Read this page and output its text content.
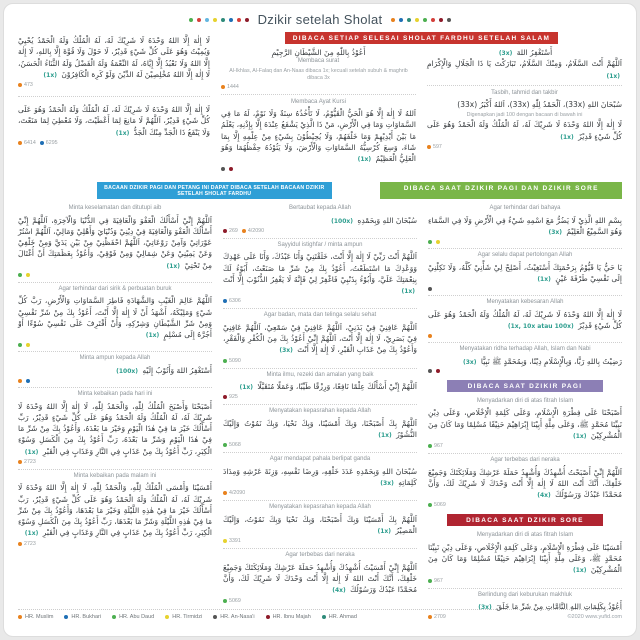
Dzikir setelah Sholat
لَا إِلٰهَ إِلَّا اللهُ وَحْدَهُ لَا شَرِيْكَ لَهُ، لَهُ الْمُلْكُ وَلَهُ الْحَمْدُ يُحْيِيْ وَيُمِيْتُ وَهُوَ عَلَى كُلِّ شَيْءٍ قَدِيْرٌ، لَا حَوْلَ وَلَا قُوَّةَ إِلَّا بِاللهِ، لَا إِلٰهَ إِلَّا اللهُ وَلَا نَعْبُدُ إِلَّا إِيَّاهُ، لَهُ النِّعْمَةُ وَلَهُ الْفَضْلُ وَلَهُ الثَّنَاءُ الْحَسَنُ، لَا إِلٰهَ إِلَّا اللهُ مُخْلِصِيْنَ لَهُ الدِّيْنَ وَلَوْ كَرِهَ الْكَافِرُوْنَ (1x)
473
لَا إِلٰهَ إِلَّا اللهُ وَحْدَهُ لَا شَرِيْكَ لَهُ، لَهُ الْمُلْكُ وَلَهُ الْحَمْدُ وَهُوَ عَلَى كُلِّ شَيْءٍ قَدِيْرٌ، اَللَّهُمَّ لَا مَانِعَ لِمَا أَعْطَيْتَ، وَلَا مُعْطِيَ لِمَا مَنَعْتَ، وَلَا يَنْفَعُ ذَا الْجَدِّ مِنْكَ الْجَدُّ (1x)
6414 6295
DIBACA SETIAP SELESAI SHOLAT FARDHU SETELAH SALAM
أَعُوْذُ بِاللّٰهِ مِنَ الشَّيْطَانِ الرَّجِيْمِ
Membaca surat
Al-Ikhlas, Al-Falaq dan An-Naas dibaca 1x; kecuali setelah subuh & maghrib dibaca 3x
1444
Membaca Ayat Kursi
اَللهُ لَا إِلٰهَ إِلَّا هُوَ الْحَيُّ الْقَيُّوْمُ، لَا تَأْخُذُهُ سِنَةٌ وَلَا نَوْمٌ، لَهُ مَا فِي السَّمَاوَاتِ وَمَا فِي الْأَرْضِ، مَنْ ذَا الَّذِيْ يَشْفَعُ عِنْدَهُ إِلَّا بِإِذْنِهِ، يَعْلَمُ مَا بَيْنَ أَيْدِيْهِمْ وَمَا خَلْفَهُمْ، وَلَا يُحِيْطُوْنَ بِشَيْءٍ مِنْ عِلْمِهِ إِلَّا بِمَا شَاءَ، وَسِعَ كُرْسِيُّهُ السَّمَاوَاتِ وَالْأَرْضَ، وَلَا يَئُوْدُهُ حِفْظُهُمَا وَهُوَ الْعَلِيُّ الْعَظِيْمُ (1x)
أَسْتَغْفِرُ اللهَ (3x)
اَللَّهُمَّ أَنْتَ السَّلَامُ، وَمِنْكَ السَّلَامُ، تَبَارَكْتَ يَا ذَا الْجَلَالِ وَالْإِكْرَامِ (1x)
Tasbih, tahmid dan takbir
سُبْحَانَ اللهِ (33x)، اَلْحَمْدُ لِلّٰهِ (33x)، اَللهُ أَكْبَرُ (33x)
Digenapkan jadi 100 dengan bacaan di bawah ini
لَا إِلٰهَ إِلَّا اللهُ وَحْدَهُ لَا شَرِيْكَ لَهُ، لَهُ الْمُلْكُ وَلَهُ الْحَمْدُ وَهُوَ عَلَى كُلِّ شَيْءٍ قَدِيْرٌ (1x)
597
BACAAN DZIKIR PAGI DAN PETANG INI DAPAT DIBACA SETELAH BACAAN DZIKIR SETELAH SHOLAT FARDHU
DIBACA SAAT DZIKIR PAGI DAN DZIKIR SORE
Minta keselamatan dan ditutupi aib
اَللَّهُمَّ إِنِّيْ أَسْأَلُكَ الْعَفْوَ وَالْعَافِيَةَ فِي الدُّنْيَا وَالْآخِرَةِ، اَللَّهُمَّ إِنِّيْ أَسْأَلُكَ الْعَفْوَ وَالْعَافِيَةَ فِيْ دِيْنِيْ وَدُنْيَايَ وَأَهْلِيْ وَمَالِيْ، اَللَّهُمَّ اسْتُرْ عَوْرَاتِيْ وَآمِنْ رَوْعَاتِيْ، اَللَّهُمَّ احْفَظْنِيْ مِنْ بَيْنِ يَدَيَّ وَمِنْ خَلْفِيْ وَعَنْ يَمِيْنِيْ وَعَنْ شِمَالِيْ وَمِنْ فَوْقِيْ، وَأَعُوْذُ بِعَظَمَتِكَ أَنْ أُغْتَالَ مِنْ تَحْتِيْ (1x)
Agar terhindar dari sirik & perbuatan buruk
اَللَّهُمَّ عَالِمَ الْغَيْبِ وَالشَّهَادَةِ فَاطِرَ السَّمَاوَاتِ وَالْأَرْضِ، رَبَّ كُلِّ شَيْءٍ وَمَلِيْكَهُ، أَشْهَدُ أَنْ لَا إِلٰهَ إِلَّا أَنْتَ، أَعُوْذُ بِكَ مِنْ شَرِّ نَفْسِيْ وَمِنْ شَرِّ الشَّيْطَانِ وَشِرْكِهِ، وَأَنْ أَقْتَرِفَ عَلَى نَفْسِيْ سُوْءًا أَوْ أَجُرَّهُ إِلَى مُسْلِمٍ (1x)
Minta ampun kepada Allah
أَسْتَغْفِرُ اللهَ وَأَتُوْبُ إِلَيْهِ (100x)
Minta kebaikan pada hari ini
أَصْبَحْنَا وَأَصْبَحَ الْمُلْكُ لِلّٰهِ، وَالْحَمْدُ لِلّٰهِ، لَا إِلٰهَ إِلَّا اللهُ وَحْدَهُ لَا شَرِيْكَ لَهُ، لَهُ الْمُلْكُ وَلَهُ الْحَمْدُ وَهُوَ عَلَى كُلِّ شَيْءٍ قَدِيْرٌ، رَبِّ أَسْأَلُكَ خَيْرَ مَا فِيْ هٰذَا الْيَوْمِ وَخَيْرَ مَا بَعْدَهُ، وَأَعُوْذُ بِكَ مِنْ شَرِّ مَا فِيْ هٰذَا الْيَوْمِ وَشَرِّ مَا بَعْدَهُ، رَبِّ أَعُوْذُ بِكَ مِنَ الْكَسَلِ وَسُوْءِ الْكِبَرِ، رَبِّ أَعُوْذُ بِكَ مِنْ عَذَابٍ فِي النَّارِ وَعَذَابٍ فِي الْقَبْرِ (1x)
2723
Minta kebaikan pada malam ini
أَمْسَيْنَا وَأَمْسَى الْمُلْكُ لِلّٰهِ، وَالْحَمْدُ لِلّٰهِ، لَا إِلٰهَ إِلَّا اللهُ وَحْدَهُ لَا شَرِيْكَ لَهُ، لَهُ الْمُلْكُ وَلَهُ الْحَمْدُ وَهُوَ عَلَى كُلِّ شَيْءٍ قَدِيْرٌ، رَبِّ أَسْأَلُكَ خَيْرَ مَا فِيْ هٰذِهِ اللَّيْلَةِ وَخَيْرَ مَا بَعْدَهَا، وَأَعُوْذُ بِكَ مِنْ شَرِّ مَا فِيْ هٰذِهِ اللَّيْلَةِ وَشَرِّ مَا بَعْدَهَا، رَبِّ أَعُوْذُ بِكَ مِنَ الْكَسَلِ وَسُوْءِ الْكِبَرِ، رَبِّ أَعُوْذُ بِكَ مِنْ عَذَابٍ فِي النَّارِ وَعَذَابٍ فِي الْقَبْرِ (1x)
2723
Bertaubat kepada Allah
سُبْحَانَ اللهِ وَبِحَمْدِهِ (100x)
269 4/2090
Sayyidul istighfar / minta ampun
اَللَّهُمَّ أَنْتَ رَبِّيْ لَا إِلٰهَ إِلَّا أَنْتَ، خَلَقْتَنِيْ وَأَنَا عَبْدُكَ، وَأَنَا عَلَى عَهْدِكَ وَوَعْدِكَ مَا اسْتَطَعْتُ، أَعُوْذُ بِكَ مِنْ شَرِّ مَا صَنَعْتُ، أَبُوْءُ لَكَ بِنِعْمَتِكَ عَلَيَّ، وَأَبُوْءُ بِذَنْبِيْ فَاغْفِرْ لِيْ فَإِنَّهُ لَا يَغْفِرُ الذُّنُوْبَ إِلَّا أَنْتَ (1x)
6306
Agar badan, mata dan telinga selalu sehat
اَللَّهُمَّ عَافِنِيْ فِيْ بَدَنِيْ، اَللَّهُمَّ عَافِنِيْ فِيْ سَمْعِيْ، اَللَّهُمَّ عَافِنِيْ فِيْ بَصَرِيْ، لَا إِلٰهَ إِلَّا أَنْتَ، اَللَّهُمَّ إِنِّيْ أَعُوْذُ بِكَ مِنَ الْكُفْرِ وَالْفَقْرِ، وَأَعُوْذُ بِكَ مِنْ عَذَابِ الْقَبْرِ، لَا إِلٰهَ إِلَّا أَنْتَ (3x)
5090
Minta ilmu, rezeki dan amalan yang baik
اَللَّهُمَّ إِنِّيْ أَسْأَلُكَ عِلْمًا نَافِعًا، وَرِزْقًا طَيِّبًا، وَعَمَلًا مُتَقَبَّلًا (1x)
925
Menyatakan kepasrahan kepada Allah
اَللَّهُمَّ بِكَ أَصْبَحْنَا، وَبِكَ أَمْسَيْنَا، وَبِكَ نَحْيَا، وَبِكَ نَمُوْتُ وَإِلَيْكَ النُّشُوْرُ (1x)
5068
Agar mendapat pahala berlipat ganda
سُبْحَانَ اللهِ وَبِحَمْدِهِ عَدَدَ خَلْقِهِ، وَرِضَا نَفْسِهِ، وَزِنَةَ عَرْشِهِ وَمِدَادَ كَلِمَاتِهِ (3x)
4/2090
Menyatakan kepasrahan kepada Allah
اَللَّهُمَّ بِكَ أَمْسَيْنَا وَبِكَ أَصْبَحْنَا، وَبِكَ نَحْيَا وَبِكَ نَمُوْتُ، وَإِلَيْكَ الْمَصِيْرُ (1x)
3391
Agar terbebas dari neraka
اَللَّهُمَّ إِنِّيْ أَمْسَيْتُ أُشْهِدُكَ وَأُشْهِدُ حَمَلَةَ عَرْشِكَ وَمَلَائِكَتَكَ وَجَمِيْعَ خَلْقِكَ، أَنَّكَ أَنْتَ اللهُ لَا إِلٰهَ إِلَّا أَنْتَ وَحْدَكَ لَا شَرِيْكَ لَكَ، وَأَنَّ مُحَمَّدًا عَبْدُكَ وَرَسُوْلُكَ (4x)
5069
Agar terhindar dari bahaya
بِسْمِ اللهِ الَّذِيْ لَا يَضُرُّ مَعَ اسْمِهِ شَيْءٌ فِي الْأَرْضِ وَلَا فِي السَّمَاءِ وَهُوَ السَّمِيْعُ الْعَلِيْمُ (3x)
Agar selalu dapat pertolongan Allah
يَا حَيُّ يَا قَيُّوْمُ بِرَحْمَتِكَ أَسْتَغِيْثُ، أَصْلِحْ لِيْ شَأْنِيْ كُلَّهُ، وَلَا تَكِلْنِيْ إِلَى نَفْسِيْ طَرْفَةَ عَيْنٍ (1x)
Menyatakan kebesaran Allah
لَا إِلٰهَ إِلَّا اللهُ وَحْدَهُ لَا شَرِيْكَ لَهُ، لَهُ الْمُلْكُ وَلَهُ الْحَمْدُ وَهُوَ عَلَى كُلِّ شَيْءٍ قَدِيْرٌ (1x, 10x atau 100x)
Menyatakan ridha terhadap Allah, Islam dan Nabi
رَضِيْتُ بِاللهِ رَبًّا، وَبِالْإِسْلَامِ دِيْنًا، وَبِمُحَمَّدٍ ﷺ نَبِيًّا (3x)
DIBACA SAAT DZIKIR PAGI
Menyadarkan diri di atas fitrah Islam
أَصْبَحْنَا عَلَى فِطْرَةِ الْإِسْلَامِ، وَعَلَى كَلِمَةِ الْإِخْلَاصِ، وَعَلَى دِيْنِ نَبِيِّنَا مُحَمَّدٍ ﷺ، وَعَلَى مِلَّةِ أَبِيْنَا إِبْرَاهِيْمَ حَنِيْفًا مُسْلِمًا وَمَا كَانَ مِنَ الْمُشْرِكِيْنَ (1x)
967
Agar terbebas dari neraka
اَللَّهُمَّ إِنِّيْ أَصْبَحْتُ أُشْهِدُكَ وَأُشْهِدُ حَمَلَةَ عَرْشِكَ وَمَلَائِكَتَكَ وَجَمِيْعَ خَلْقِكَ، أَنَّكَ أَنْتَ اللهُ لَا إِلٰهَ إِلَّا أَنْتَ وَحْدَكَ لَا شَرِيْكَ لَكَ، وَأَنَّ مُحَمَّدًا عَبْدُكَ وَرَسُوْلُكَ (4x)
5069
DIBACA SAAT DZIKIR SORE
Menyadarkan diri di atas fitrah Islam
أَمْسَيْنَا عَلَى فِطْرَةِ الْإِسْلَامِ، وَعَلَى كَلِمَةِ الْإِخْلَاصِ، وَعَلَى دِيْنِ نَبِيِّنَا مُحَمَّدٍ ﷺ، وَعَلَى مِلَّةِ أَبِيْنَا إِبْرَاهِيْمَ حَنِيْفًا مُسْلِمًا وَمَا كَانَ مِنَ الْمُشْرِكِيْنَ (1x)
967
Berlindung dari keburukan makhluk
أَعُوْذُ بِكَلِمَاتِ اللهِ التَّامَّاتِ مِنْ شَرِّ مَا خَلَقَ (3x)
2709
HR. Muslim	HR. Bukhari	HR. Abu Daud	HR. Tirmidzi	HR. An-Nasa'i	HR. Ibnu Majah	HR. Ahmad	©2020 www.yufid.com
